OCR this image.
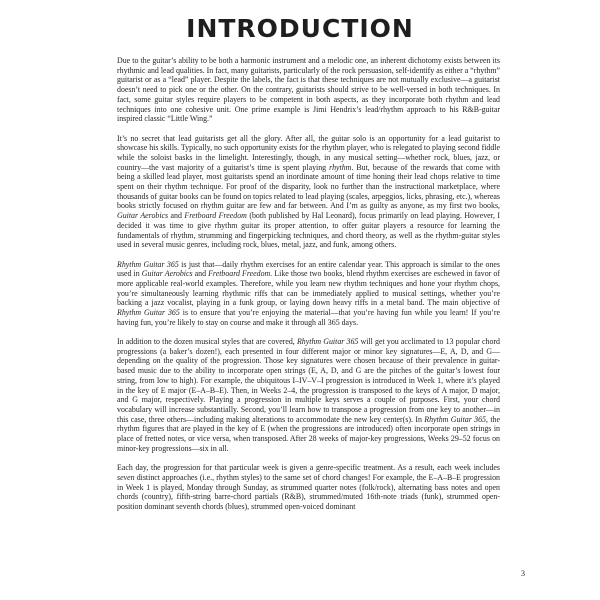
INTRODUCTION

Due to the guitar’s ability to be both a harmonic instrument and a melodic one, an inherent dichotomy exists between its rhythmic and lead qualities. In fact, many guitarists, particularly of the rock persuasion, self-identify as either a “rhythm” guitarist or as a “lead” player. Despite the labels, the fact is that these techniques are not mutually exclusive—a guitarist doesn’t need to pick one or the other. On the contrary, guitarists should strive to be well-versed in both techniques. In fact, some guitar styles require players to be competent in both aspects, as they incorporate both rhythm and lead techniques into one cohesive unit. One prime example is Jimi Hendrix’s lead/rhythm approach to his R&B-guitar inspired classic “Little Wing.”

It’s no secret that lead guitarists get all the glory. After all, the guitar solo is an opportunity for a lead guitarist to showcase his skills. Typically, no such opportunity exists for the rhythm player, who is relegated to playing second fiddle while the soloist basks in the limelight. Interestingly, though, in any musical setting—whether rock, blues, jazz, or country—the vast majority of a guitarist’s time is spent playing rhythm. But, because of the rewards that come with being a skilled lead player, most guitarists spend an inordinate amount of time honing their lead chops relative to time spent on their rhythm technique. For proof of the disparity, look no further than the instructional marketplace, where thousands of guitar books can be found on topics related to lead playing (scales, arpeggios, licks, phrasing, etc.), whereas books strictly focused on rhythm guitar are few and far between. And I’m as guilty as anyone, as my first two books, Guitar Aerobics and Fretboard Freedom (both published by Hal Leonard), focus primarily on lead playing. However, I decided it was time to give rhythm guitar its proper attention, to offer guitar players a resource for learning the fundamentals of rhythm, strumming and fingerpicking techniques, and chord theory, as well as the rhythm-guitar styles used in several music genres, including rock, blues, metal, jazz, and funk, among others.

Rhythm Guitar 365 is just that—daily rhythm exercises for an entire calendar year. This approach is similar to the ones used in Guitar Aerobics and Fretboard Freedom. Like those two books, blend rhythm exercises are eschewed in favor of more applicable real-world examples. Therefore, while you learn new rhythm techniques and hone your rhythm chops, you’re simultaneously learning rhythmic riffs that can be immediately applied to musical settings, whether you’re backing a jazz vocalist, playing in a funk group, or laying down heavy riffs in a metal band. The main objective of Rhythm Guitar 365 is to ensure that you’re enjoying the material—that you’re having fun while you learn! If you’re having fun, you’re likely to stay on course and make it through all 365 days.

In addition to the dozen musical styles that are covered, Rhythm Guitar 365 will get you acclimated to 13 popular chord progressions (a baker’s dozen!), each presented in four different major or minor key signatures—E, A, D, and G—depending on the quality of the progression. Those key signatures were chosen because of their prevalence in guitar-based music due to the ability to incorporate open strings (E, A, D, and G are the pitches of the guitar’s lowest four string, from low to high). For example, the ubiquitous I–IV–V–I progression is introduced in Week 1, where it’s played in the key of E major (E–A–B–E). Then, in Weeks 2–4, the progression is transposed to the keys of A major, D major, and G major, respectively. Playing a progression in multiple keys serves a couple of purposes. First, your chord vocabulary will increase substantially. Second, you’ll learn how to transpose a progression from one key to another—in this case, three others—including making alterations to accommodate the new key center(s). In Rhythm Guitar 365, the rhythm figures that are played in the key of E (when the progressions are introduced) often incorporate open strings in place of fretted notes, or vice versa, when transposed. After 28 weeks of major-key progressions, Weeks 29–52 focus on minor-key progressions—six in all.

Each day, the progression for that particular week is given a genre-specific treatment. As a result, each week includes seven distinct approaches (i.e., rhythm styles) to the same set of chord changes! For example, the E–A–B–E progression in Week 1 is played, Monday through Sunday, as strummed quarter notes (folk/rock), alternating bass notes and open chords (country), fifth-string barre-chord partials (R&B), strummed/muted 16th-note triads (funk), strummed open-position dominant seventh chords (blues), strummed open-voiced dominant

3
